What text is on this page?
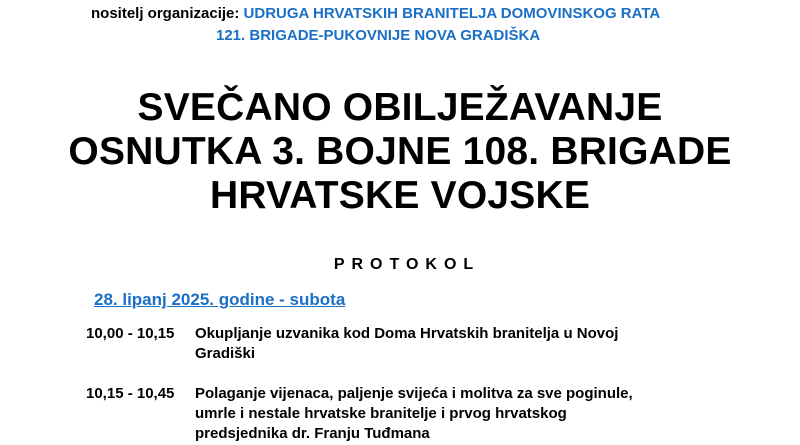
nositelj organizacije: UDRUGA HRVATSKIH BRANITELJA DOMOVINSKOG RATA
121. BRIGADE-PUKOVNIJE NOVA GRADIŠKA
SVEČANO OBILJEŽAVANJE
OSNUTKA 3. BOJNE 108. BRIGADE
HRVATSKE VOJSKE
PROTOKOL
28. lipanj 2025. godine - subota
10,00 - 10,15 Okupljanje uzvanika kod Doma Hrvatskih branitelja u Novoj Gradiški
10,15 - 10,45 Polaganje vijenaca, paljenje svijeća i molitva za sve poginule, umrle i nestale hrvatske branitelje i prvog hrvatskog predsjednika dr. Franju Tuđmana
